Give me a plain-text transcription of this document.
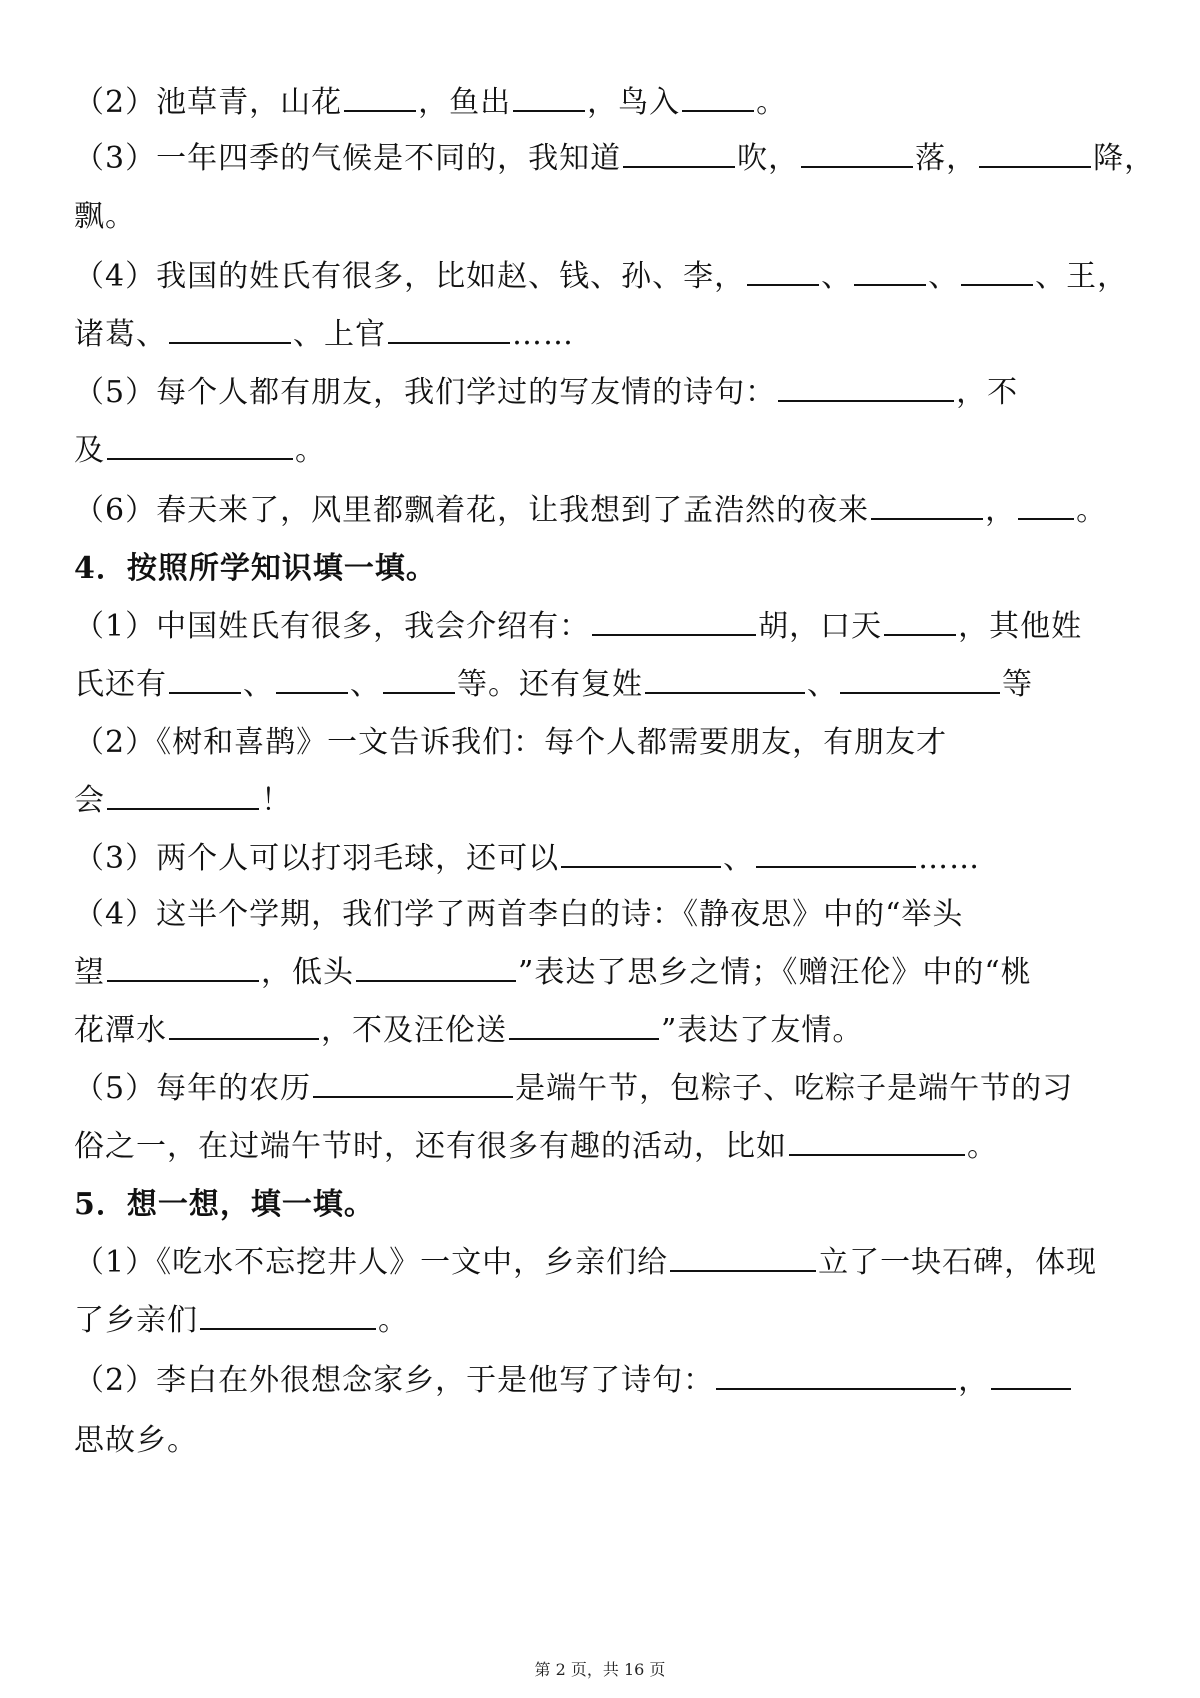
（2）池草青，山花	，鱼出	，鸟入	。
（3）一年四季的气候是不同的，我知道	吹，	落，	降，
飘。
（4）我国的姓氏有很多，比如赵、钱、孙、李，	、	、	、王，
诸葛、	、上官	……
（5）每个人都有朋友，我们学过的写友情的诗句：	，不
及	。
（6）春天来了，风里都飘着花，让我想到了孟浩然的夜来	， 。
4．按照所学知识填一填。
（1）中国姓氏有很多，我会介绍有：	胡，口天	，其他姓
氏还有	、	、	等。还有复姓	、	等
（2）《树和喜鹊》一文告诉我们：每个人都需要朋友，有朋友才
会	！
（3）两个人可以打羽毛球，还可以	、	……
（4）这半个学期，我们学了两首李白的诗：《静夜思》中的“举头
望	，低头	”表达了思乡之情；《赠汪伦》中的“桃
花潭水	，不及汪伦送	”表达了友情。
（5）每年的农历	是端午节，包粽子、吃粽子是端午节的习
俗之一，在过端午节时，还有很多有趣的活动，比如	。
5．想一想，填一填。
（1）《吃水不忘挖井人》一文中，乡亲们给	立了一块石碑，体现
了乡亲们	。
（2）李白在外很想念家乡，于是他写了诗句：	，
思故乡。
第 2 页，共 16 页
